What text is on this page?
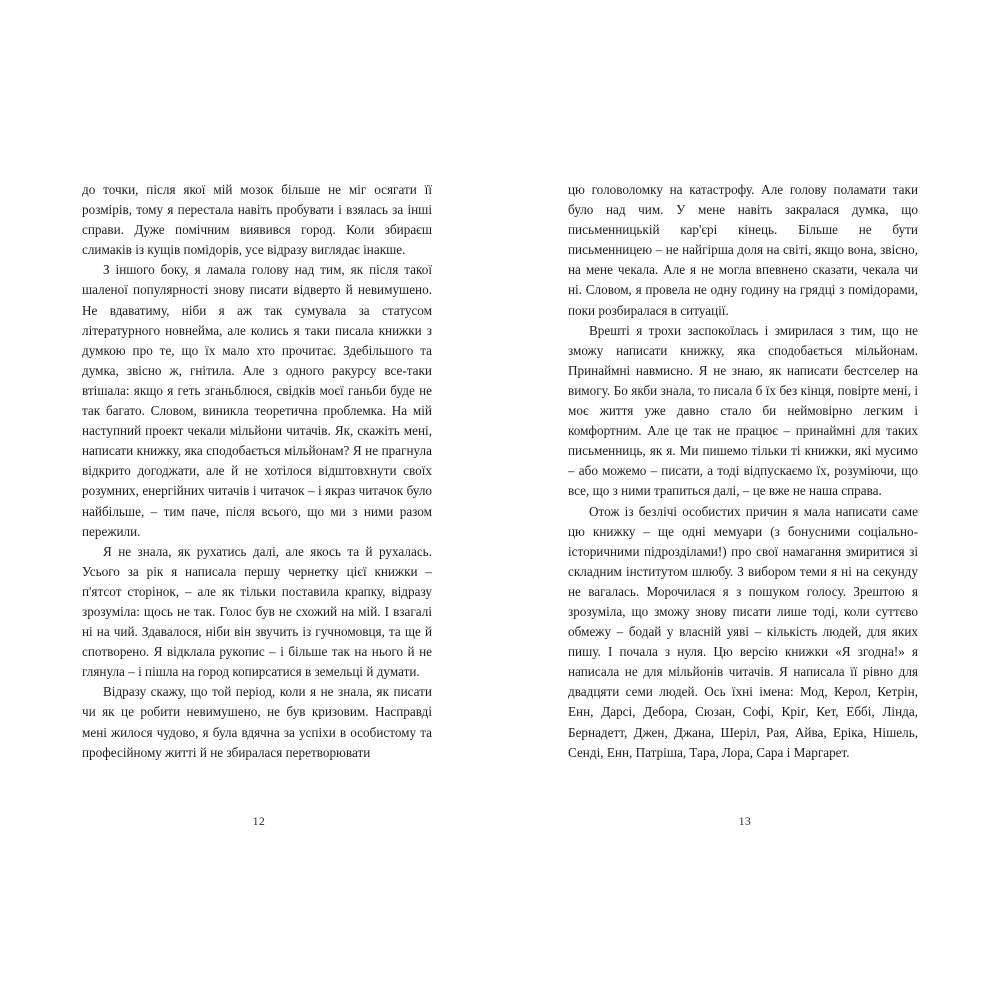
до точки, після якої мій мозок більше не міг осягати її розмірів, тому я перестала навіть пробувати і взялась за інші справи. Дуже помічним виявився город. Коли збираєш слимаків із кущів помідорів, усе відразу виглядає інакше.

З іншого боку, я ламала голову над тим, як після такої шаленої популярності знову писати відверто й невимушено. Не вдаватиму, ніби я аж так сумувала за статусом літературного новнейма, але колись я таки писала книжки з думкою про те, що їх мало хто прочитає. Здебільшого та думка, звісно ж, гнітила. Але з одного ракурсу все-таки втішала: якщо я геть зганьблюся, свідків моєї ганьби буде не так багато. Словом, виникла теоретична проблемка. На мій наступний проект чекали мільйони читачів. Як, скажіть мені, написати книжку, яка сподобається мільйонам? Я не прагнула відкрито догоджати, але й не хотілося відштовхнути своїх розумних, енергійних читачів і читачок – і якраз читачок було найбільше, – тим паче, після всього, що ми з ними разом пережили.

Я не знала, як рухатись далі, але якось та й рухалась. Усього за рік я написала першу чернетку цієї книжки – п'ятсот сторінок, – але як тільки поставила крапку, відразу зрозуміла: щось не так. Голос був не схожий на мій. І взагалі ні на чий. Здавалося, ніби він звучить із гучномовця, та ще й спотворено. Я відклала рукопис – і більше так на нього й не глянула – і пішла на город копирсатися в земельці й думати.

Відразу скажу, що той період, коли я не знала, як писати чи як це робити невимушено, не був кризовим. Насправді мені жилося чудово, я була вдячна за успіхи в особистому та професійному житті й не збиралася перетворювати

12

цю головоломку на катастрофу. Але голову поламати таки було над чим. У мене навіть закралася думка, що письменницькій кар'єрі кінець. Більше не бути письменницею – не найгірша доля на світі, якщо вона, звісно, на мене чекала. Але я не могла впевнено сказати, чекала чи ні. Словом, я провела не одну годину на грядці з помідорами, поки розбиралася в ситуації.

Врешті я трохи заспокоїлась і змирилася з тим, що не зможу написати книжку, яка сподобається мільйонам. Принаймні навмисно. Я не знаю, як написати бестселер на вимогу. Бо якби знала, то писала б їх без кінця, повірте мені, і моє життя уже давно стало би неймовірно легким і комфортним. Але це так не працює – принаймні для таких письменниць, як я. Ми пишемо тільки ті книжки, які мусимо – або можемо – писати, а тоді відпускаємо їх, розуміючи, що все, що з ними трапиться далі, – це вже не наша справа.

Отож із безлічі особистих причин я мала написати саме цю книжку – ще одні мемуари (з бонусними соціально-історичними підрозділами!) про свої намагання змиритися зі складним інститутом шлюбу. З вибором теми я ні на секунду не вагалась. Морочилася я з пошуком голосу. Зрештою я зрозуміла, що зможу знову писати лише тоді, коли суттєво обмежу – бодай у власній уяві – кількість людей, для яких пишу. І почала з нуля. Цю версію книжки «Я згодна!» я написала не для мільйонів читачів. Я написала її рівно для двадцяти семи людей. Ось їхні імена: Мод, Керол, Кетрін, Енн, Дарсі, Дебора, Сюзан, Софі, Кріґ, Кет, Еббі, Лінда, Бернадетт, Джен, Джана, Шеріл, Рая, Айва, Еріка, Нішель, Сенді, Енн, Патріша, Тара, Лора, Сара і Маргарет.

13
